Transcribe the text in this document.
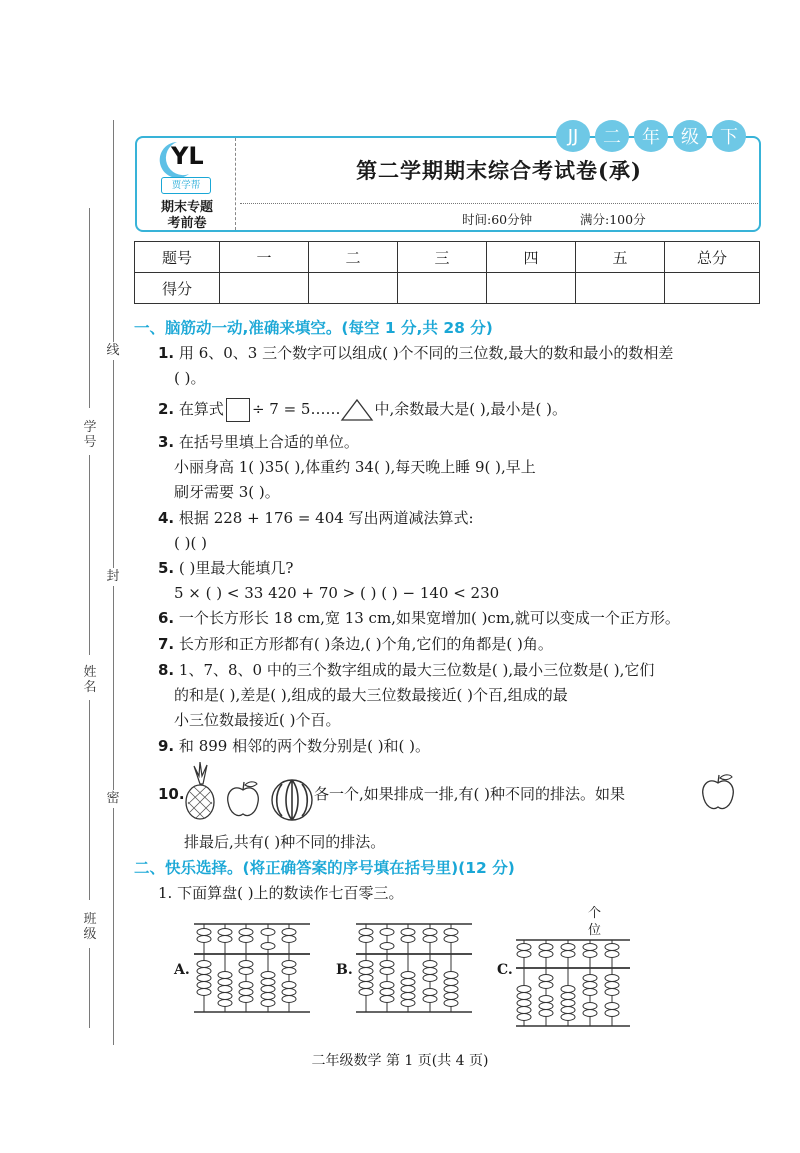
线
封
密
学号
姓名
班级
JJ	二	年	级	下
YL
贾学帮
期末专题
考前卷
第二学期期末综合考试卷(承)
时间:60分钟	满分:100分
题号	一	二	三	四	五	总分
得分						
一、脑筋动一动,准确来填空。(每空 1 分,共 28 分)
1. 用 6、0、3 三个数字可以组成( )个不同的三位数,最大的数和最小的数相差
( )。
2. 在算式 ÷ 7 = 5…… 中,余数最大是( ),最小是( )。
3. 在括号里填上合适的单位。
小丽身高 1( )35( ),体重约 34( ),每天晚上睡 9( ),早上
刷牙需要 3( )。
4. 根据 228 + 176 = 404 写出两道减法算式:
( )( )
5. ( )里最大能填几?
5 × ( ) < 33 420 + 70 > ( ) ( ) − 140 < 230
6. 一个长方形长 18 cm,宽 13 cm,如果宽增加( )cm,就可以变成一个正方形。
7. 长方形和正方形都有( )条边,( )个角,它们的角都是( )角。
8. 1、7、8、0 中的三个数字组成的最大三位数是( ),最小三位数是( ),它们
的和是( ),差是( ),组成的最大三位数最接近( )个百,组成的最
小三位数最接近( )个百。
9. 和 899 相邻的两个数分别是( )和( )。
10.	各一个,如果排成一排,有( )种不同的排法。如果
排最后,共有( )种不同的排法。
二、快乐选择。(将正确答案的序号填在括号里)(12 分)
1. 下面算盘( )上的数读作七百零三。
A.	B.	C.
个
位
二年级数学 第 1 页(共 4 页)
